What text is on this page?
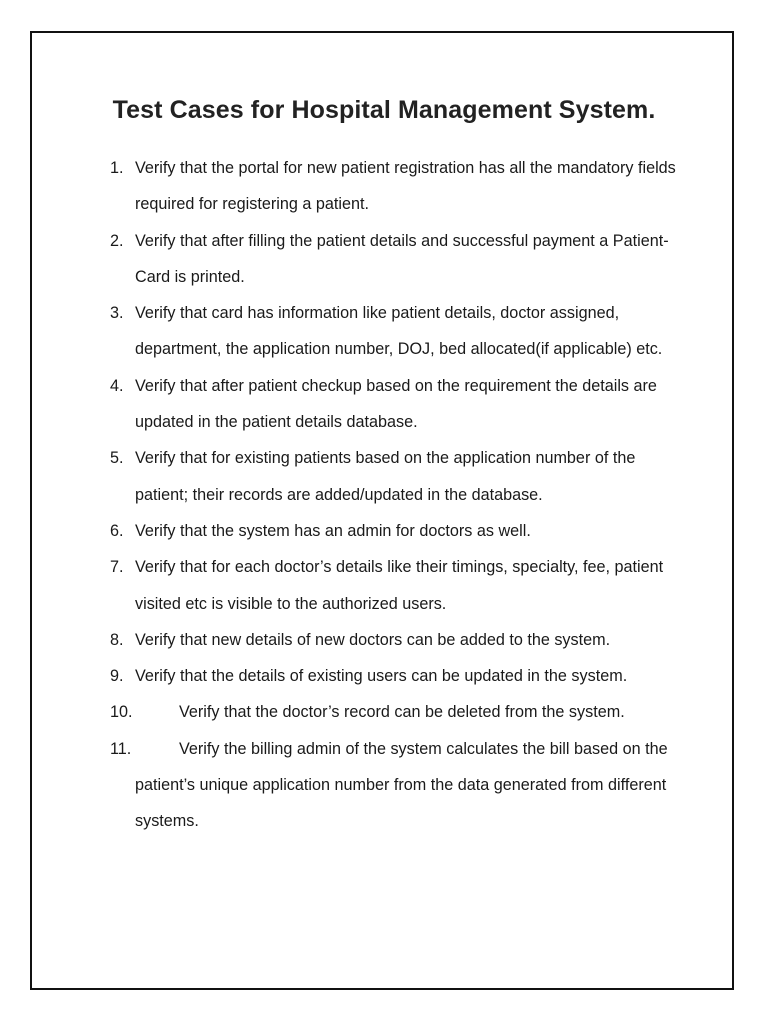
Test Cases for Hospital Management System.
1. Verify that the portal for new patient registration has all the mandatory fields required for registering a patient.
2. Verify that after filling the patient details and successful payment a Patient-Card is printed.
3. Verify that card has information like patient details, doctor assigned, department, the application number, DOJ, bed allocated(if applicable) etc.
4. Verify that after patient checkup based on the requirement the details are updated in the patient details database.
5. Verify that for existing patients based on the application number of the patient; their records are added/updated in the database.
6. Verify that the system has an admin for doctors as well.
7. Verify that for each doctor’s details like their timings, specialty, fee, patient visited etc is visible to the authorized users.
8. Verify that new details of new doctors can be added to the system.
9. Verify that the details of existing users can be updated in the system.
10.	Verify that the doctor’s record can be deleted from the system.
11.	Verify the billing admin of the system calculates the bill based on the patient’s unique application number from the data generated from different systems.
